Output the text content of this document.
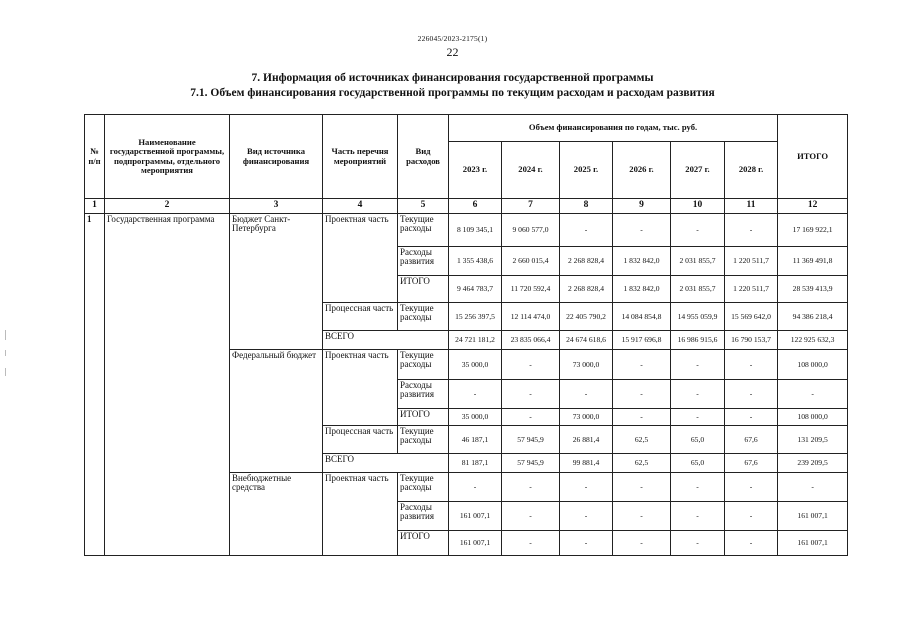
226045/2023-2175(1)
22
7. Информация об источниках финансирования государственной программы
7.1. Объем финансирования государственной программы по текущим расходам и расходам развития
№ п/п	Наименование государственной программы, подпрограммы, отдельного мероприятия	Вид источника финансирования	Часть перечня мероприятий	Вид расходов	Объем финансирования по годам, тыс. руб.						ИТОГО
					2023 г.	2024 г.	2025 г.	2026 г.	2027 г.	2028 г.	
1	2	3	4	5	6	7	8	9	10	11	12
1	Государственная программа	Бюджет Санкт-Петербурга	Проектная часть	Текущие расходы	8 109 345,1	9 060 577,0	-	-	-	-	17 169 922,1
				Расходы развития	1 355 438,6	2 660 015,4	2 268 828,4	1 832 842,0	2 031 855,7	1 220 511,7	11 369 491,8
				ИТОГО	9 464 783,7	11 720 592,4	2 268 828,4	1 832 842,0	2 031 855,7	1 220 511,7	28 539 413,9
			Процессная часть	Текущие расходы	15 256 397,5	12 114 474,0	22 405 790,2	14 084 854,8	14 955 059,9	15 569 642,0	94 386 218,4
			ВСЕГО		24 721 181,2	23 835 066,4	24 674 618,6	15 917 696,8	16 986 915,6	16 790 153,7	122 925 632,3
		Федеральный бюджет	Проектная часть	Текущие расходы	35 000,0	-	73 000,0	-	-	-	108 000,0
				Расходы развития	-	-	-	-	-	-	-
				ИТОГО	35 000,0	-	73 000,0	-	-	-	108 000,0
			Процессная часть	Текущие расходы	46 187,1	57 945,9	26 881,4	62,5	65,0	67,6	131 209,5
			ВСЕГО		81 187,1	57 945,9	99 881,4	62,5	65,0	67,6	239 209,5
		Внебюджетные средства	Проектная часть	Текущие расходы	-	-	-	-	-	-	-
				Расходы развития	161 007,1	-	-	-	-	-	161 007,1
				ИТОГО	161 007,1	-	-	-	-	-	161 007,1
